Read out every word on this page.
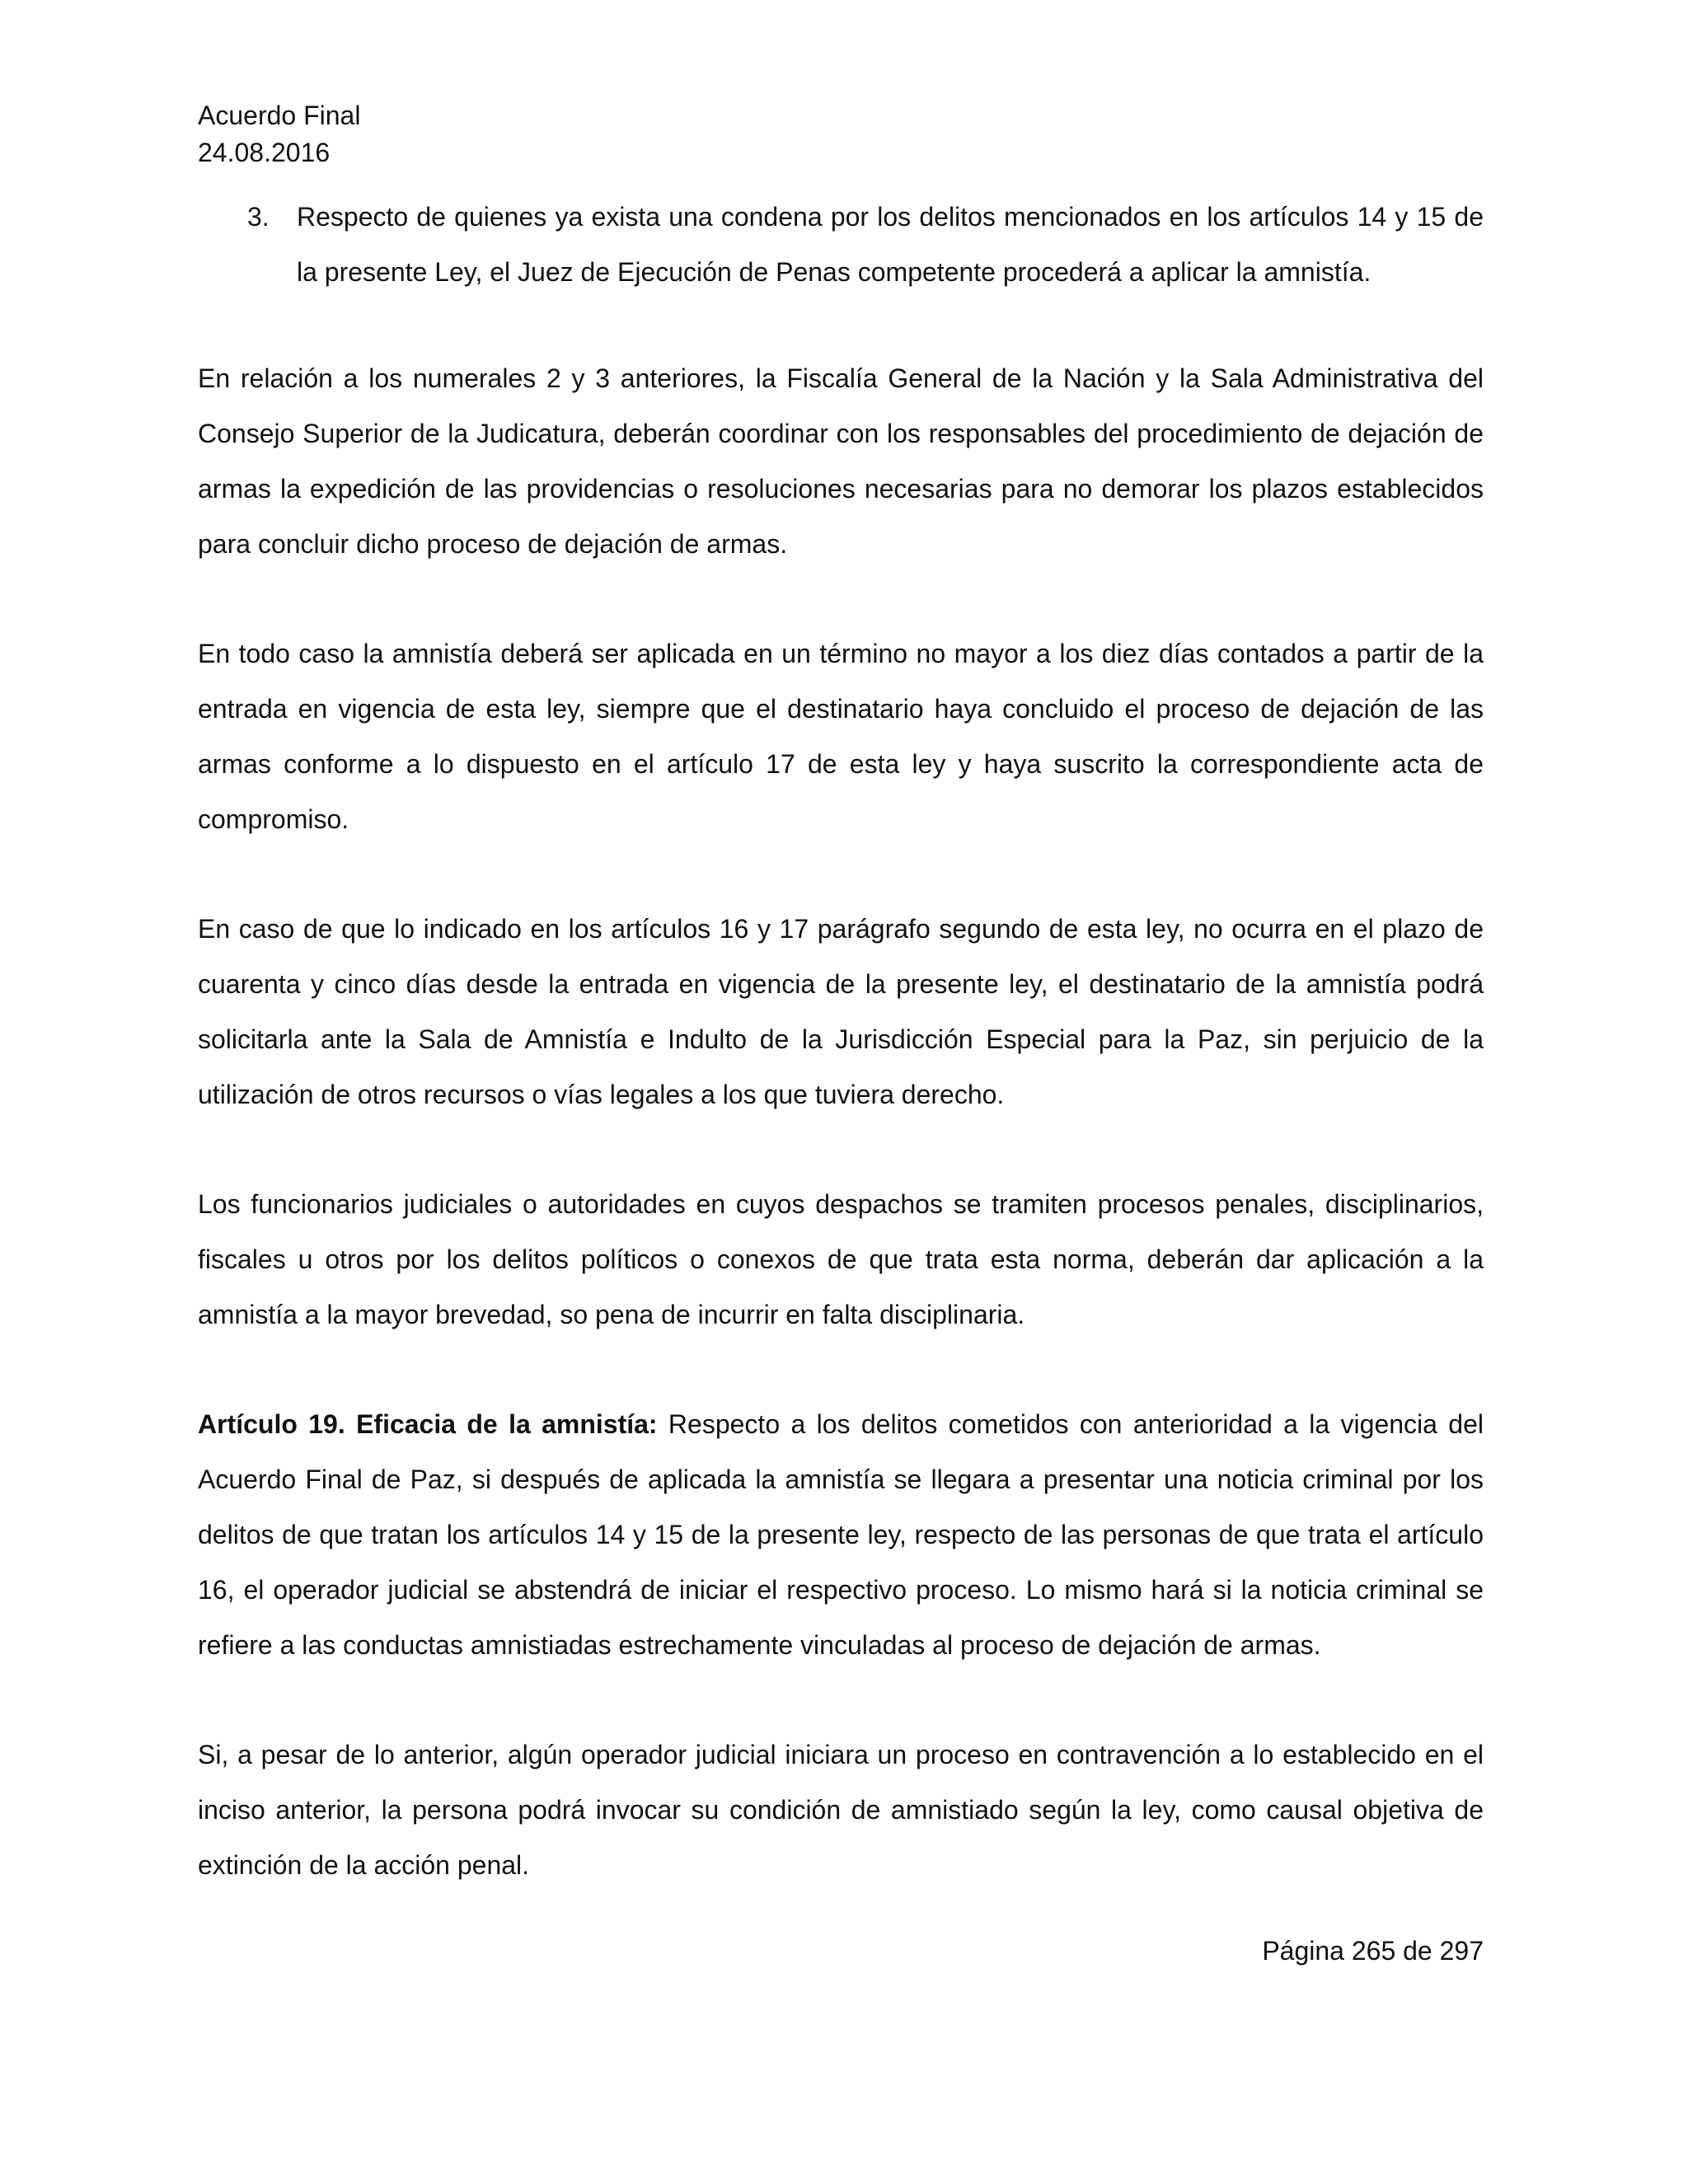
Acuerdo Final
24.08.2016
3. Respecto de quienes ya exista una condena por los delitos mencionados en los artículos 14 y 15 de la presente Ley, el Juez de Ejecución de Penas competente procederá a aplicar la amnistía.
En relación a los numerales 2 y 3 anteriores, la Fiscalía General de la Nación y la Sala Administrativa del Consejo Superior de la Judicatura, deberán coordinar con los responsables del procedimiento de dejación de armas la expedición de las providencias o resoluciones necesarias para no demorar los plazos establecidos para concluir dicho proceso de dejación de armas.
En todo caso la amnistía deberá ser aplicada en un término no mayor a los diez días contados a partir de la entrada en vigencia de esta ley, siempre que el destinatario haya concluido el proceso de dejación de las armas conforme a lo dispuesto en el artículo 17 de esta ley y haya suscrito la correspondiente acta de compromiso.
En caso de que lo indicado en los artículos 16 y 17 parágrafo segundo de esta ley, no ocurra en el plazo de cuarenta y cinco días desde la entrada en vigencia de la presente ley, el destinatario de la amnistía podrá solicitarla ante la Sala de Amnistía e Indulto de la Jurisdicción Especial para la Paz, sin perjuicio de la utilización de otros recursos o vías legales a los que tuviera derecho.
Los funcionarios judiciales o autoridades en cuyos despachos se tramiten procesos penales, disciplinarios, fiscales u otros por los delitos políticos o conexos de que trata esta norma, deberán dar aplicación a la amnistía a la mayor brevedad, so pena de incurrir en falta disciplinaria.
Artículo 19. Eficacia de la amnistía: Respecto a los delitos cometidos con anterioridad a la vigencia del Acuerdo Final de Paz, si después de aplicada la amnistía se llegara a presentar una noticia criminal por los delitos de que tratan los artículos 14 y 15 de la presente ley, respecto de las personas de que trata el artículo 16, el operador judicial se abstendrá de iniciar el respectivo proceso. Lo mismo hará si la noticia criminal se refiere a las conductas amnistiadas estrechamente vinculadas al proceso de dejación de armas.
Si, a pesar de lo anterior, algún operador judicial iniciara un proceso en contravención a lo establecido en el inciso anterior, la persona podrá invocar su condición de amnistiado según la ley, como causal objetiva de extinción de la acción penal.
Página 265 de 297
